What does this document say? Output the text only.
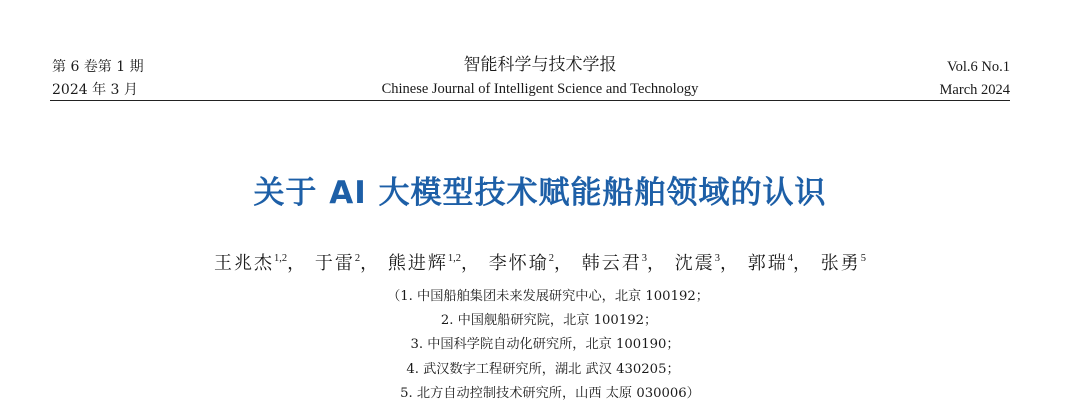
第 6 卷第 1 期
2024 年 3 月
智能科学与技术学报
Chinese Journal of Intelligent Science and Technology
Vol.6 No.1
March 2024
关于 AI 大模型技术赋能船舶领域的认识
王兆杰$^{1,2}$， 于雷$^2$， 熊进辉$^{1,2}$， 李怀瑜$^2$， 韩云君$^3$， 沈震$^3$， 郭瑞$^4$， 张勇$^5$
（1. 中国船舶集团未来发展研究中心，北京 100192；
2. 中国舰船研究院，北京 100192；
3. 中国科学院自动化研究所，北京 100190；
4. 武汉数字工程研究所，湖北 武汉 430205；
5. 北方自动控制技术研究所，山西 太原 030006）
